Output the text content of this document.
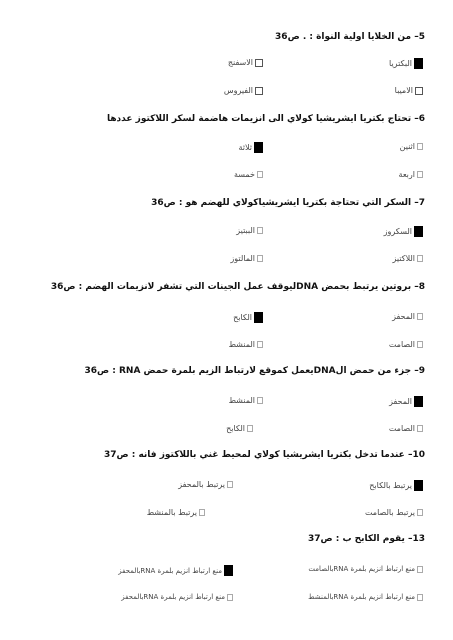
5– من الخلايا اولية النواة : . ص36
البكتريا
الاسفنج
الاميبا
الفيروس
6– تحتاج بكتريا ايشريشيا كولاي الى انزيمات هاضمة لسكر اللاكتوز عددها
اثنين
ثلاثة
اربعة
خمسة
7– السكر التي تحتاجة بكتريا ايشريشياكولاي للهضم هو : ص36
السكروز
الببتيز
اللاكتيز
المالتوز
8– بروتين يرتبط بحمض DNAليوقف عمل الجينات التي تشفر لانزيمات الهضم : ص36
المحفز
الكابح
الصامت
المنشط
9– جزء من حمض الDNAيعمل كموقع لارتباط الزيم بلمرة حمض RNA : ص36
المحفز
المنشط
الصامت
الكابح
10– عندما تدخل بكتريا ايشريشيا كولاي لمحيط غني باللاكتوز فانه : ص37
يرتبط بالكابح
يرتبط بالمحفز
يرتبط بالصامت
يرتبط بالمنشط
13– يقوم الكابح ب : ص37
منع ارتباط انزيم بلمرة RNAبالصامت
منع ارتباط انزيم بلمرة RNAبالمحفز
منع ارتباط انزيم بلمرة RNAبالمنشط
منع ارتباط انزيم بلمرة RNAبالمحفز
